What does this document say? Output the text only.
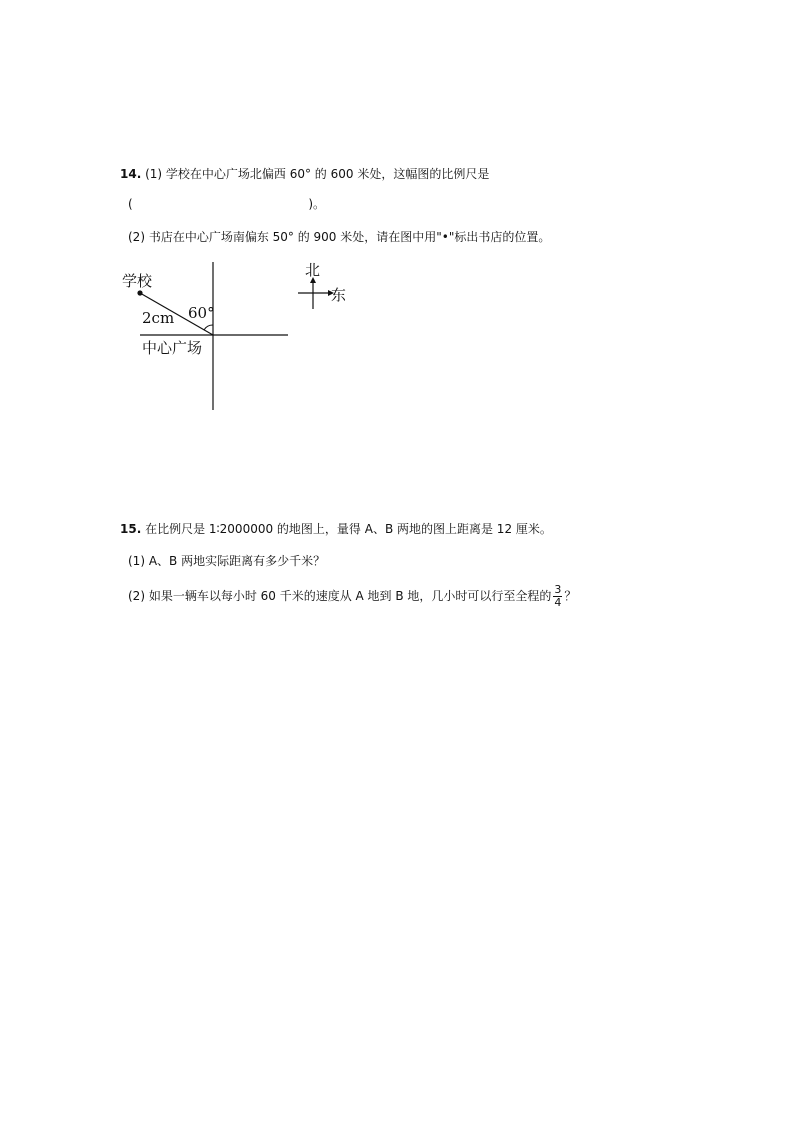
14. (1) 学校在中心广场北偏西 60° 的 600 米处，这幅图的比例尺是
(	)。
(2) 书店在中心广场南偏东 50° 的 900 米处，请在图中用"•"标出书店的位置。
学校
2cm 60°
中心广场
北
东
15. 在比例尺是 1∶2000000 的地图上，量得 A、B 两地的图上距离是 12 厘米。
(1) A、B 两地实际距离有多少千米？
(2) 如果一辆车以每小时 60 千米的速度从 A 地到 B 地，几小时可以行至全程的 $\frac{3}{4}$ ？
